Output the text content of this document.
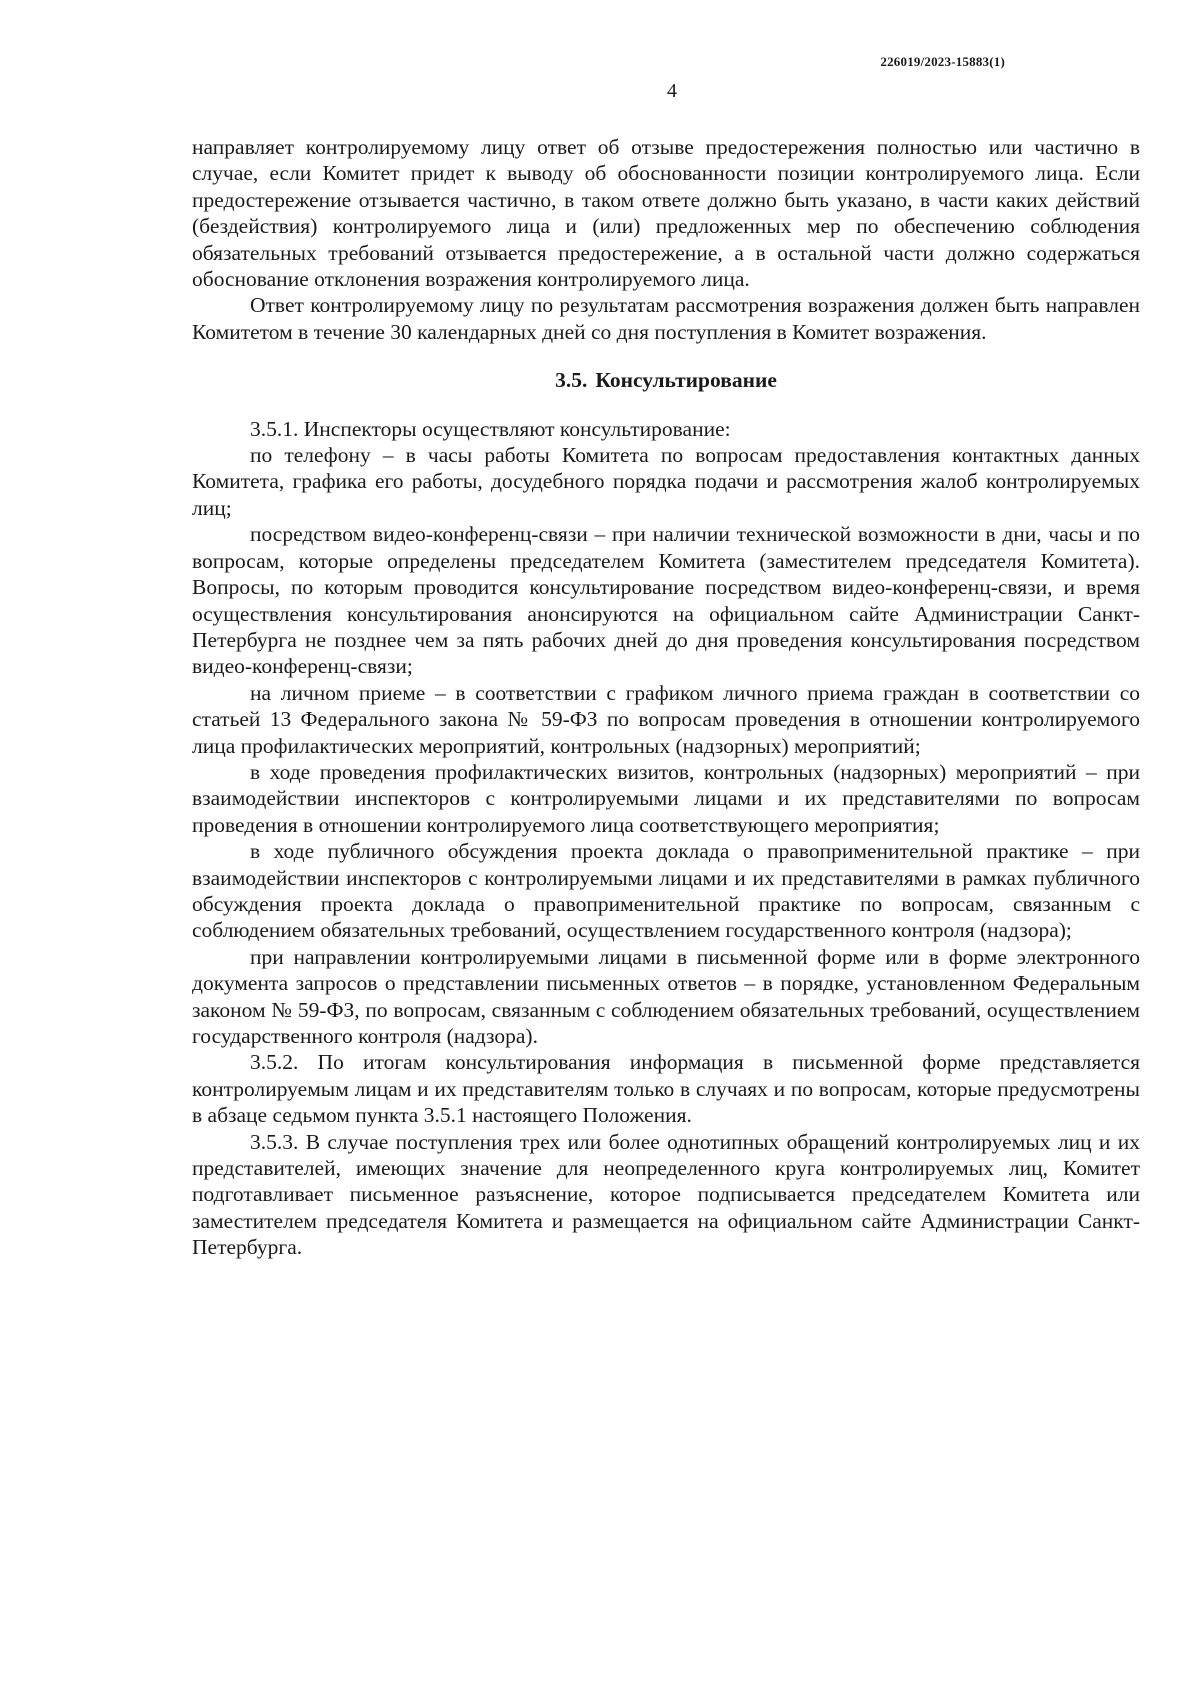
226019/2023-15883(1)
4

направляет контролируемому лицу ответ об отзыве предостережения полностью или частично в случае, если Комитет придет к выводу об обоснованности позиции контролируемого лица. Если предостережение отзывается частично, в таком ответе должно быть указано, в части каких действий (бездействия) контролируемого лица и (или) предложенных мер по обеспечению соблюдения обязательных требований отзывается предостережение, а в остальной части должно содержаться обоснование отклонения возражения контролируемого лица.

Ответ контролируемому лицу по результатам рассмотрения возражения должен быть направлен Комитетом в течение 30 календарных дней со дня поступления в Комитет возражения.

3.5. Консультирование

3.5.1. Инспекторы осуществляют консультирование:

по телефону – в часы работы Комитета по вопросам предоставления контактных данных Комитета, графика его работы, досудебного порядка подачи и рассмотрения жалоб контролируемых лиц;

посредством видео-конференц-связи – при наличии технической возможности в дни, часы и по вопросам, которые определены председателем Комитета (заместителем председателя Комитета). Вопросы, по которым проводится консультирование посредством видео-конференц-связи, и время осуществления консультирования анонсируются на официальном сайте Администрации Санкт-Петербурга не позднее чем за пять рабочих дней до дня проведения консультирования посредством видео-конференц-связи;

на личном приеме – в соответствии с графиком личного приема граждан в соответствии со статьей 13 Федерального закона № 59-ФЗ по вопросам проведения в отношении контролируемого лица профилактических мероприятий, контрольных (надзорных) мероприятий;

в ходе проведения профилактических визитов, контрольных (надзорных) мероприятий – при взаимодействии инспекторов с контролируемыми лицами и их представителями по вопросам проведения в отношении контролируемого лица соответствующего мероприятия;

в ходе публичного обсуждения проекта доклада о правоприменительной практике – при взаимодействии инспекторов с контролируемыми лицами и их представителями в рамках публичного обсуждения проекта доклада о правоприменительной практике по вопросам, связанным с соблюдением обязательных требований, осуществлением государственного контроля (надзора);

при направлении контролируемыми лицами в письменной форме или в форме электронного документа запросов о представлении письменных ответов – в порядке, установленном Федеральным законом № 59-ФЗ, по вопросам, связанным с соблюдением обязательных требований, осуществлением государственного контроля (надзора).

3.5.2. По итогам консультирования информация в письменной форме представляется контролируемым лицам и их представителям только в случаях и по вопросам, которые предусмотрены в абзаце седьмом пункта 3.5.1 настоящего Положения.

3.5.3. В случае поступления трех или более однотипных обращений контролируемых лиц и их представителей, имеющих значение для неопределенного круга контролируемых лиц, Комитет подготавливает письменное разъяснение, которое подписывается председателем Комитета или заместителем председателя Комитета и размещается на официальном сайте Администрации Санкт-Петербурга.
